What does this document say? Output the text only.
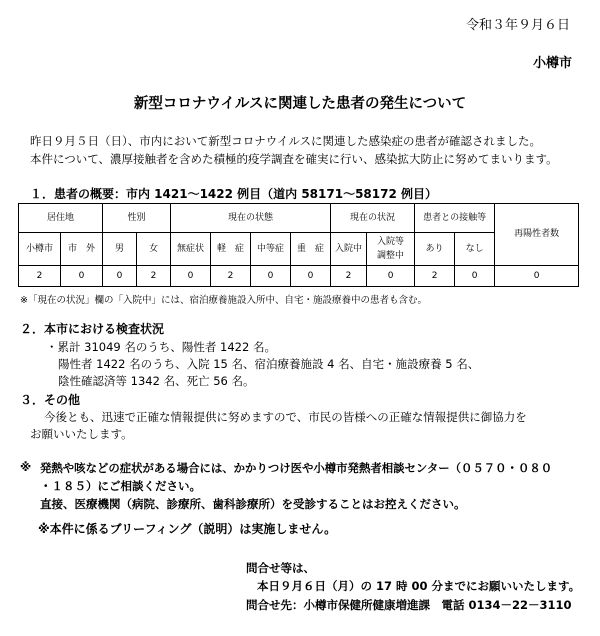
令和３年９月６日
小樽市
新型コロナウイルスに関連した患者の発生について
昨日９月５日（日）、市内において新型コロナウイルスに関連した感染症の患者が確認されました。
本件について、濃厚接触者を含めた積極的疫学調査を確実に行い、感染拡大防止に努めてまいります。
１．患者の概要：市内 1421～1422 例目（道内 58171～58172 例目）
居住地		性別		現在の状態				現在の状況		患者との接触等		再陽性者数
小樽市	市　外	男	女	無症状	軽　症	中等症	重　症	入院中	入院等
調整中	あり	なし	
2	0	0	2	0	2	0	0	2	0	2	0	0
※「現在の状況」欄の「入院中」には、宿泊療養施設入所中、自宅・施設療養中の患者も含む。
２．本市における検査状況
・累計 31049 名のうち、陽性者 1422 名。
陽性者 1422 名のうち、入院 15 名、宿泊療養施設 4 名、自宅・施設療養 5 名、
陰性確認済等 1342 名、死亡 56 名。
３．その他
今後とも、迅速で正確な情報提供に努めますので、市民の皆様への正確な情報提供に御協力を
お願いいたします。
※ 発熱や咳などの症状がある場合には、かかりつけ医や小樽市発熱者相談センター（０５７０・０８０
・１８５）にご相談ください。
直接、医療機関（病院、診療所、歯科診療所）を受診することはお控えください。
※本件に係るブリーフィング（説明）は実施しません。
問合せ等は、
本日９月６日（月）の 17 時 00 分までにお願いいたします。
問合せ先：小樽市保健所健康増進課　電話 0134－22－3110
